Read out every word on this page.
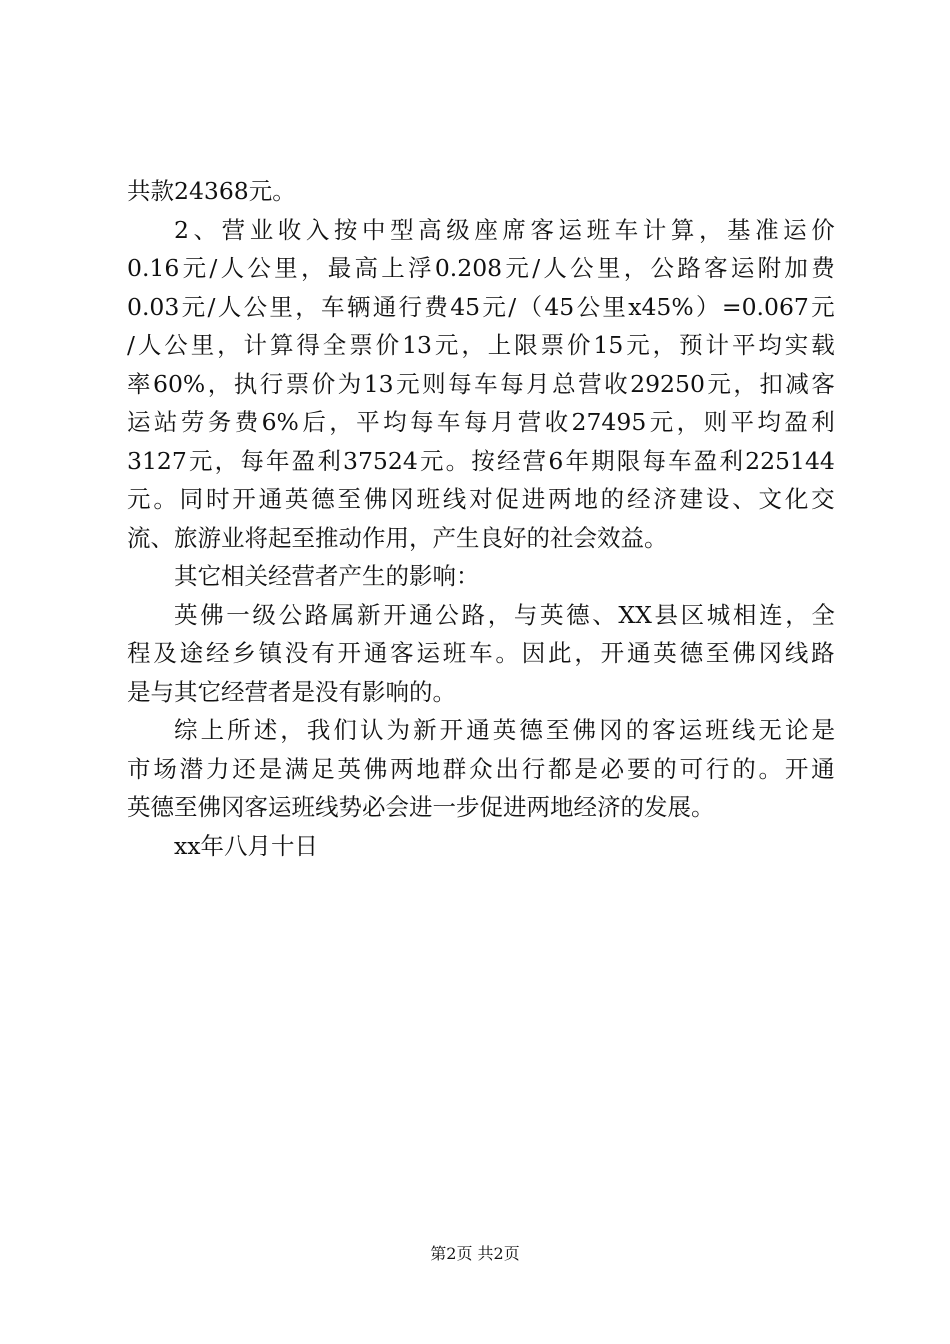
共款24368元。
2 、 营 业 收 入 按 中 型 高 级 座 席 客 运 班 车 计 算 ， 基 准 运 价
0.16 元 / 人 公 里 ， 最 高 上 浮 0.208 元 / 人 公 里 ， 公 路 客 运 附 加 费
0.03 元 / 人 公 里 ， 车 辆 通 行 费 45 元 / （ 45 公 里 x45% ） =0.067 元
/ 人 公 里 ， 计 算 得 全 票 价 13 元 ， 上 限 票 价 15 元 ， 预 计 平 均 实 载
率 60% ， 执 行 票 价 为 13 元 则 每 车 每 月 总 营 收 29250 元 ， 扣 减 客
运 站 劳 务 费 6% 后 ， 平 均 每 车 每 月 营 收 27495 元 ， 则 平 均 盈 利
3127 元 ， 每 年 盈 利 37524 元 。 按 经 营 6 年 期 限 每 车 盈 利 225144
元 。 同 时 开 通 英 德 至 佛 冈 班 线 对 促 进 两 地 的 经 济 建 设 、 文 化 交
流、旅游业将起至推动作用，产生良好的社会效益。
其它相关经营者产生的影响：
英 佛 一 级 公 路 属 新 开 通 公 路 ， 与 英 德 、 XX 县 区 城 相 连 ， 全
程 及 途 经 乡 镇 没 有 开 通 客 运 班 车 。 因 此 ， 开 通 英 德 至 佛 冈 线 路
是与其它经营者是没有影响的。
综 上 所 述 ， 我 们 认 为 新 开 通 英 德 至 佛 冈 的 客 运 班 线 无 论 是
市 场 潜 力 还 是 满 足 英 佛 两 地 群 众 出 行 都 是 必 要 的 可 行 的 。 开 通
英德至佛冈客运班线势必会进一步促进两地经济的发展。
xx年八月十日
第2页 共2页
